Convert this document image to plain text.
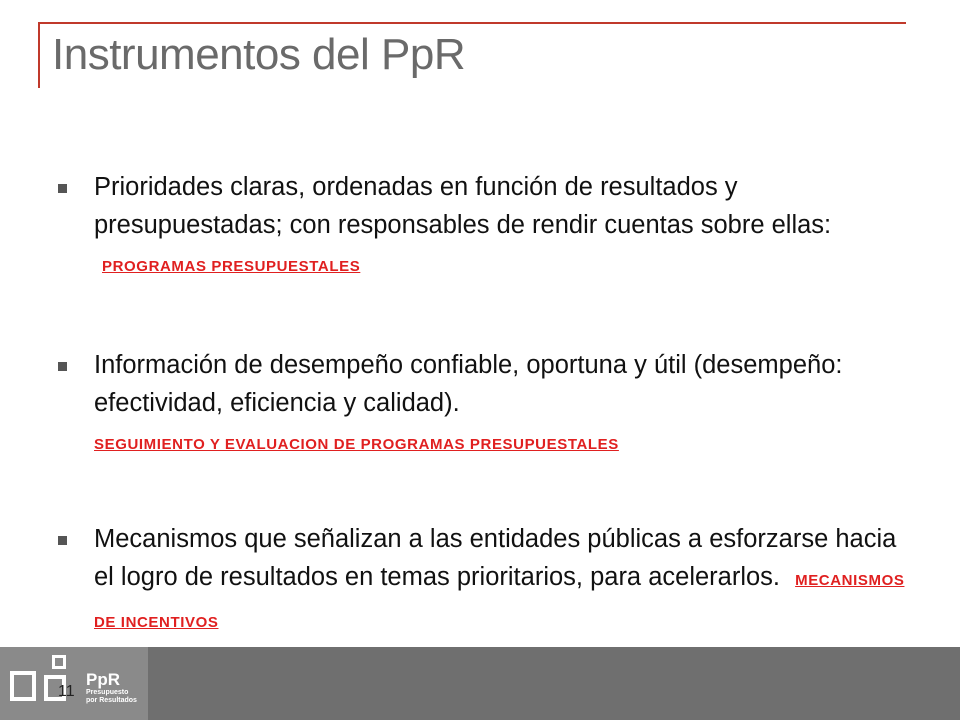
Instrumentos del PpR
Prioridades claras, ordenadas en función de resultados y presupuestadas; con responsables de rendir cuentas sobre ellas: PROGRAMAS PRESUPUESTALES
Información de desempeño confiable, oportuna y útil (desempeño: efectividad, eficiencia y calidad).
SEGUIMIENTO Y EVALUACION DE PROGRAMAS PRESUPUESTALES
Mecanismos que señalizan a las entidades públicas a esforzarse hacia el logro de resultados en temas prioritarios, para acelerarlos. MECANISMOS DE INCENTIVOS
PpR
Presupuesto
por Resultados
11
